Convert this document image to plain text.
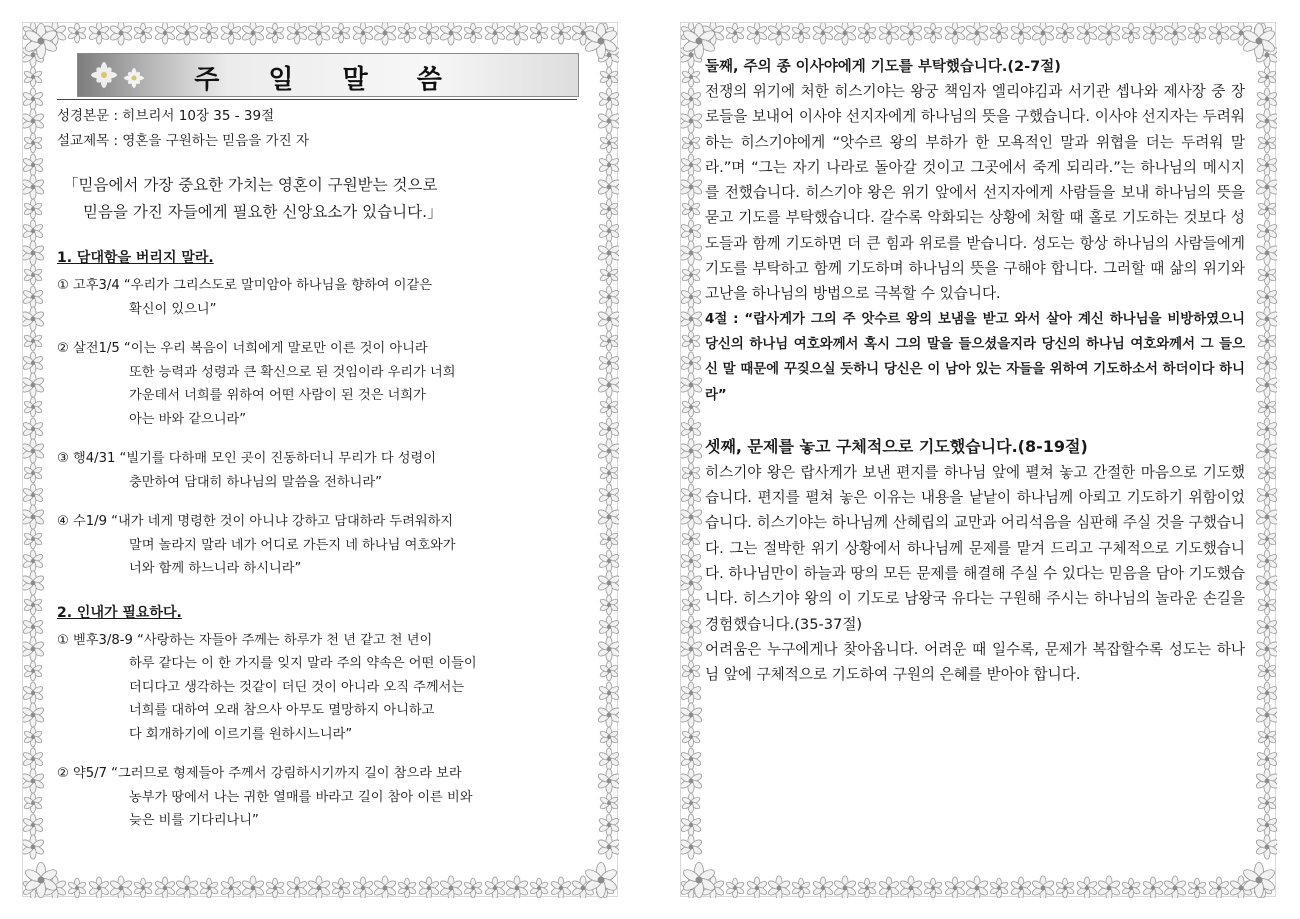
주 일 말 씀
성경본문 : 히브리서 10장 35 - 39절
설교제목 : 영혼을 구원하는 믿음을 가진 자
「믿음에서 가장 중요한 가치는 영혼이 구원받는 것으로
믿음을 가진 자들에게 필요한 신앙요소가 있습니다.」
1. 담대함을 버리지 말라.
① 고후3/4 “우리가 그리스도로 말미암아 하나님을 향하여 이같은
확신이 있으니”
② 살전1/5 “이는 우리 복음이 너희에게 말로만 이른 것이 아니라
또한 능력과 성령과 큰 확신으로 된 것임이라 우리가 너희
가운데서 너희를 위하여 어떤 사람이 된 것은 너희가
아는 바와 같으니라”
③ 행4/31 “빌기를 다하매 모인 곳이 진동하더니 무리가 다 성령이
충만하여 담대히 하나님의 말씀을 전하니라”
④ 수1/9 “내가 네게 명령한 것이 아니냐 강하고 담대하라 두려워하지
말며 놀라지 말라 네가 어디로 가든지 네 하나님 여호와가
너와 함께 하느니라 하시니라”
2. 인내가 필요하다.
① 벧후3/8-9 “사랑하는 자들아 주께는 하루가 천 년 같고 천 년이
하루 같다는 이 한 가지를 잊지 말라 주의 약속은 어떤 이들이
더디다고 생각하는 것같이 더딘 것이 아니라 오직 주께서는
너희를 대하여 오래 참으사 아무도 멸망하지 아니하고
다 회개하기에 이르기를 원하시느니라”
② 약5/7 “그러므로 형제들아 주께서 강림하시기까지 길이 참으라 보라
농부가 땅에서 나는 귀한 열매를 바라고 길이 참아 이른 비와
늦은 비를 기다리나니”
둘째, 주의 종 이사야에게 기도를 부탁했습니다.(2-7절)
전쟁의 위기에 처한 히스기야는 왕궁 책임자 엘리야김과 서기관 셉나와 제사장 중 장로들을 보내어 이사야 선지자에게 하나님의 뜻을 구했습니다. 이사야 선지자는 두려워하는 히스기야에게 “앗수르 왕의 부하가 한 모욕적인 말과 위협을 더는 두려워 말라.”며 “그는 자기 나라로 돌아갈 것이고 그곳에서 죽게 되리라.”는 하나님의 메시지를 전했습니다. 히스기야 왕은 위기 앞에서 선지자에게 사람들을 보내 하나님의 뜻을 묻고 기도를 부탁했습니다. 갈수록 악화되는 상황에 처할 때 홀로 기도하는 것보다 성도들과 함께 기도하면 더 큰 힘과 위로를 받습니다. 성도는 항상 하나님의 사람들에게 기도를 부탁하고 함께 기도하며 하나님의 뜻을 구해야 합니다. 그러할 때 삶의 위기와 고난을 하나님의 방법으로 극복할 수 있습니다.
4절 : “랍사게가 그의 주 앗수르 왕의 보냄을 받고 와서 살아 계신 하나님을 비방하였으니 당신의 하나님 여호와께서 혹시 그의 말을 들으셨을지라 당신의 하나님 여호와께서 그 들으신 말 때문에 꾸짖으실 듯하니 당신은 이 남아 있는 자들을 위하여 기도하소서 하더이다 하니라”
셋째, 문제를 놓고 구체적으로 기도했습니다.(8-19절)
히스기야 왕은 랍사게가 보낸 편지를 하나님 앞에 펼쳐 놓고 간절한 마음으로 기도했습니다. 편지를 펼쳐 놓은 이유는 내용을 낱낱이 하나님께 아뢰고 기도하기 위함이었습니다. 히스기야는 하나님께 산헤립의 교만과 어리석음을 심판해 주실 것을 구했습니다. 그는 절박한 위기 상황에서 하나님께 문제를 맡겨 드리고 구체적으로 기도했습니다. 하나님만이 하늘과 땅의 모든 문제를 해결해 주실 수 있다는 믿음을 담아 기도했습니다. 히스기야 왕의 이 기도로 남왕국 유다는 구원해 주시는 하나님의 놀라운 손길을 경험했습니다.(35-37절)
어려움은 누구에게나 찾아옵니다. 어려운 때 일수록, 문제가 복잡할수록 성도는 하나님 앞에 구체적으로 기도하여 구원의 은혜를 받아야 합니다.
